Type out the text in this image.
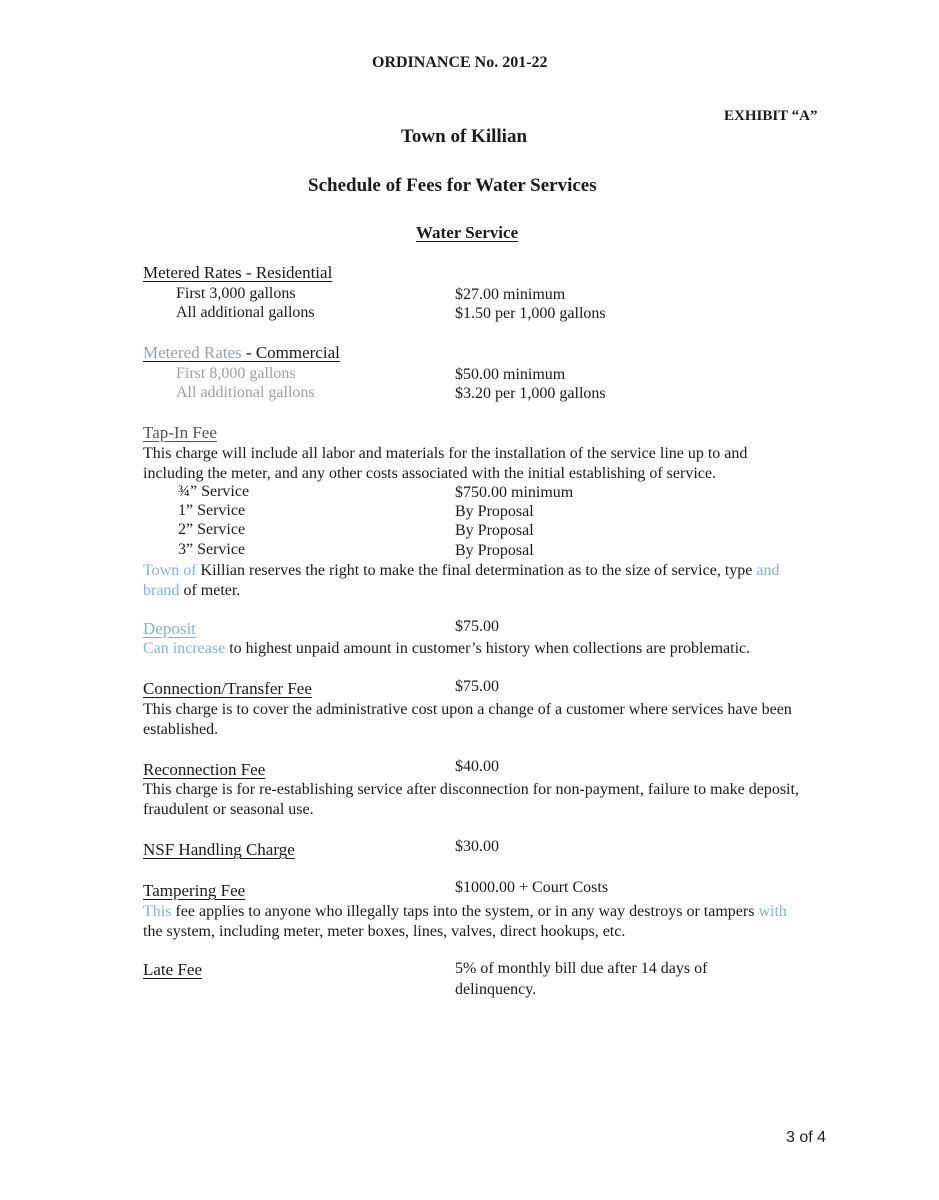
ORDINANCE No. 201-22
EXHIBIT “A”
Town of Killian
Schedule of Fees for Water Services
Water Service
Metered Rates - Residential
First 3,000 gallons	$27.00 minimum
All additional gallons	$1.50 per 1,000 gallons
Metered Rates - Commercial
First 8,000 gallons	$50.00 minimum
All additional gallons	$3.20 per 1,000 gallons
Tap-In Fee
This charge will include all labor and materials for the installation of the service line up to and including the meter, and any other costs associated with the initial establishing of service.
¾” Service	$750.00 minimum
1” Service	By Proposal
2” Service	By Proposal
3” Service	By Proposal
Town of Killian reserves the right to make the final determination as to the size of service, type and brand of meter.
Deposit	$75.00
Can increase to highest unpaid amount in customer’s history when collections are problematic.
Connection/Transfer Fee	$75.00
This charge is to cover the administrative cost upon a change of a customer where services have been established.
Reconnection Fee	$40.00
This charge is for re-establishing service after disconnection for non-payment, failure to make deposit, fraudulent or seasonal use.
NSF Handling Charge	$30.00
Tampering Fee	$1000.00 + Court Costs
This fee applies to anyone who illegally taps into the system, or in any way destroys or tampers with the system, including meter, meter boxes, lines, valves, direct hookups, etc.
Late Fee	5% of monthly bill due after 14 days of
delinquency.
3 of 4
